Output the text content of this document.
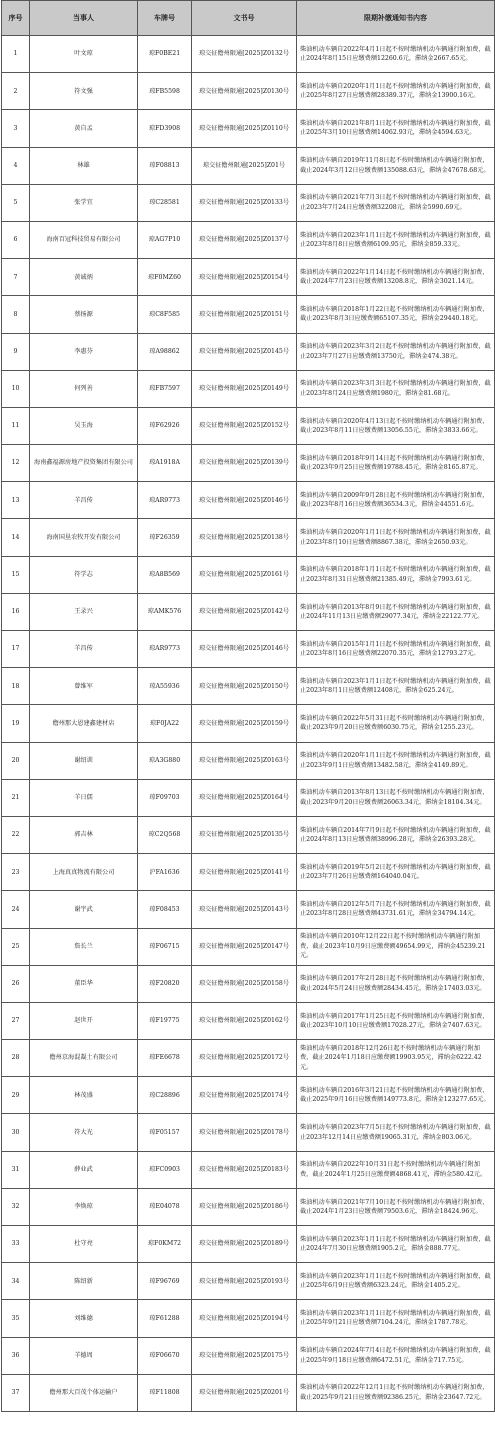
序号	当事人	车牌号	文书号	限期补缴通知书内容
1	叶文琼	琼F0BE21	琼交征儋州限通[2025]Z0132号	柴油机动车辆自2022年4月1日起不按时缴纳机动车辆通行附加费，截止2024年8月15日应缴费额12260.6元，滞纳金2667.65元。
2	符文强	琼FB5598	琼交征儋州限通[2025]Z0130号	柴油机动车辆自2020年1月1日起不按时缴纳机动车辆通行附加费，截止2025年8月27日应缴费额28389.37元，滞纳金13900.16元。
3	黄自孟	琼FD3908	琼交征儋州限通[2025]Z0110号	柴油机动车辆自2021年8月1日起不按时缴纳机动车辆通行附加费，截止2025年3月10日应缴费额14062.93元，滞纳金4594.63元。
4	林雄	琼F08813	琼交征儋州限通[2025]Z01号	柴油机动车辆自2019年11月8日起不按时缴纳机动车辆通行附加费，截止2024年3月12日应缴费额135088.63元，滞纳金47678.68元。
5	张学宜	琼C28581	琼交征儋州限通[2025]Z0133号	柴油机动车辆自2021年7月3日起不按时缴纳机动车辆通行附加费，截止2023年7月24日应缴费额32208元，滞纳金5990.69元。
6	海南百冠科技贸易有限公司	琼AG7P10	琼交征儋州限通[2025]Z0137号	柴油机动车辆自2023年1月1日起不按时缴纳机动车辆通行附加费，截止2023年8月8日应缴费额6109.95元，滞纳金859.33元。
7	黄诚炳	琼F0MZ60	琼交征儋州限通[2025]Z0154号	柴油机动车辆自2022年1月14日起不按时缴纳机动车辆通行附加费，截止2024年7月23日应缴费额13208.8元，滞纳金3021.14元。
8	蔡扬源	琼C8F585	琼交征儋州限通[2025]Z0151号	柴油机动车辆自2018年1月22日起不按时缴纳机动车辆通行附加费，截止2023年8月3日应缴费额65107.35元，滞纳金29440.18元。
9	李惠芬	琼A98862	琼交征儋州限通[2025]Z0145号	柴油机动车辆自2023年3月2日起不按时缴纳机动车辆通行附加费，截止2023年7月27日应缴费额13750元，滞纳金474.38元。
10	何列善	琼FB7597	琼交征儋州限通[2025]Z0149号	柴油机动车辆自2023年3月3日起不按时缴纳机动车辆通行附加费，截止2023年8月24日应缴费额1980元，滞纳金81.68元。
11	吴玉海	琼F62926	琼交征儋州限通[2025]Z0152号	柴油机动车辆自2020年4月13日起不按时缴纳机动车辆通行附加费，截止2023年8月11日应缴费额13056.55元，滞纳金3833.66元。
12	海南鑫福源房地产投资集团有限公司	琼A1918A	琼交征儋州限通[2025]Z0139号	柴油机动车辆自2018年9月14日起不按时缴纳机动车辆通行附加费，截止2023年9月25日应缴费额19788.45元，滞纳金8165.87元。
13	羊昌传	琼AR9773	琼交征儋州限通[2025]Z0146号	柴油机动车辆自2009年9月28日起不按时缴纳机动车辆通行附加费，截止2023年8月16日应缴费额36534.3元，滞纳金44551.6元。
14	海南国垦农牧开发有限公司	琼F26359	琼交征儋州限通[2025]Z0138号	柴油机动车辆自2020年1月1日起不按时缴纳机动车辆通行附加费，截止2023年8月10日应缴费额8867.38元，滞纳金2650.93元。
15	符学志	琼A8B569	琼交征儋州限通[2025]Z0161号	柴油机动车辆自2018年1月1日起不按时缴纳机动车辆通行附加费，截止2023年8月31日应缴费额21385.49元，滞纳金7993.61元。
16	王录兴	琼AMK576	琼交征儋州限通[2025]Z0142号	柴油机动车辆自2013年8月9日起不按时缴纳机动车辆通行附加费，截止2024年11月13日应缴费额29077.34元，滞纳金22122.77元。
17	羊昌传	琼AR9773	琼交征儋州限通[2025]Z0146号	柴油机动车辆自2015年1月1日起不按时缴纳机动车辆通行附加费，截止2023年8月16日应缴费额22070.35元，滞纳金12793.27元。
18	曾维军	琼A55936	琼交征儋州限通[2025]Z0150号	柴油机动车辆自2023年1月1日起不按时缴纳机动车辆通行附加费，截止2023年8月1日应缴费额12408元，滞纳金625.24元。
19	儋州那大恩建鑫建材店	琼F0JA22	琼交征儋州限通[2025]Z0159号	柴油机动车辆自2022年5月31日起不按时缴纳机动车辆通行附加费，截止2023年9月20日应缴费额6030.75元，滞纳金1255.23元。
20	谢绍训	琼A3G880	琼交征儋州限通[2025]Z0163号	柴油机动车辆自2020年1月1日起不按时缴纳机动车辆通行附加费，截止2023年9月1日应缴费额13482.58元，滞纳金4149.89元。
21	羊日儒	琼F09703	琼交征儋州限通[2025]Z0164号	柴油机动车辆自2013年8月13日起不按时缴纳机动车辆通行附加费，截止2023年9月20日应缴费额26063.34元，滞纳金18104.34元。
22	郭吉林	琼C2Q568	琼交征儋州限通[2025]Z0135号	柴油机动车辆自2014年7月9日起不按时缴纳机动车辆通行附加费，截止2024年8月13日应缴费额38996.28元，滞纳金26393.28元。
23	上海真真物流有限公司	沪FA1636	琼交征儋州限通[2025]Z0141号	柴油机动车辆自2019年5月2日起不按时缴纳机动车辆通行附加费，截止2023年7月26日应缴费额164040.04元。
24	谢宇武	琼F08453	琼交征儋州限通[2025]Z0143号	柴油机动车辆自2012年5月7日起不按时缴纳机动车辆通行附加费，截止2023年8月28日应缴费额43731.61元，滞纳金34794.14元。
25	詹长兰	琼F06715	琼交征儋州限通[2025]Z0147号	柴油机动车辆自2010年12月22日起不按时缴纳机动车辆通行附加费，截止2023年10月9日应缴费额49654.99元，滞纳金45239.21元。
26	董臣华	琼F20820	琼交征儋州限通[2025]Z0158号	柴油机动车辆自2017年2月28日起不按时缴纳机动车辆通行附加费，截止2024年5月24日应缴费额28434.45元，滞纳金17403.03元。
27	赵世开	琼F19775	琼交征儋州限通[2025]Z0162号	柴油机动车辆自2017年1月25日起不按时缴纳机动车辆通行附加费，截止2023年10月10日应缴费额17028.27元，滞纳金7407.63元。
28	儋州京海混凝土有限公司	琼FE6678	琼交征儋州限通[2025]Z0172号	柴油机动车辆自2018年12月26日起不按时缴纳机动车辆通行附加费，截止2024年1月18日应缴费额19903.95元，滞纳金6222.42元。
29	林茂盛	琼C28896	琼交征儋州限通[2025]Z0174号	柴油机动车辆自2016年3月21日起不按时缴纳机动车辆通行附加费，截止2025年9月16日应缴费额149773.8元，滞纳金123277.65元。
30	符大光	琼F05157	琼交征儋州限通[2025]Z0178号	柴油机动车辆自2023年7月5日起不按时缴纳机动车辆通行附加费，截止2023年12月14日应缴费额19065.31元，滞纳金803.06元。
31	薛业武	琼FC0903	琼交征儋州限通[2025]Z0183号	柴油机动车辆自2022年10月31日起不按时缴纳机动车辆通行附加费，截止2024年1月25日应缴费额4868.41元，滞纳金580.42元。
32	李焕琼	琼E04078	琼交征儋州限通[2025]Z0186号	柴油机动车辆自2021年7月10日起不按时缴纳机动车辆通行附加费，截止2024年1月23日应缴费额79503.6元，滞纳金18424.96元。
33	杜守亮	琼F0KM72	琼交征儋州限通[2025]Z0189号	柴油机动车辆自2023年1月1日起不按时缴纳机动车辆通行附加费，截止2024年7月30日应缴费额1905.2元，滞纳金888.77元。
34	陈绍新	琼F96769	琼交征儋州限通[2025]Z0193号	柴油机动车辆自2023年1月1日起不按时缴纳机动车辆通行附加费，截止2025年6月9日应缴费额6323.24元，滞纳金1405.2元。
35	刘维德	琼F61288	琼交征儋州限通[2025]Z0194号	柴油机动车辆自2023年1月1日起不按时缴纳机动车辆通行附加费，截止2025年9月21日应缴费额7104.24元，滞纳金1787.78元。
36	羊德周	琼F06670	琼交征儋州限通[2025]Z0175号	柴油机动车辆自2024年7月4日起不按时缴纳机动车辆通行附加费，截止2025年9月18日应缴费额6472.51元，滞纳金717.75元。
37	儋州那大百茂个体运输户	琼F11808	琼交征儋州限通[2025]Z0201号	柴油机动车辆自2022年12月1日起不按时缴纳机动车辆通行附加费，截止2025年9月21日应缴费额92386.25元，滞纳金23647.72元。
